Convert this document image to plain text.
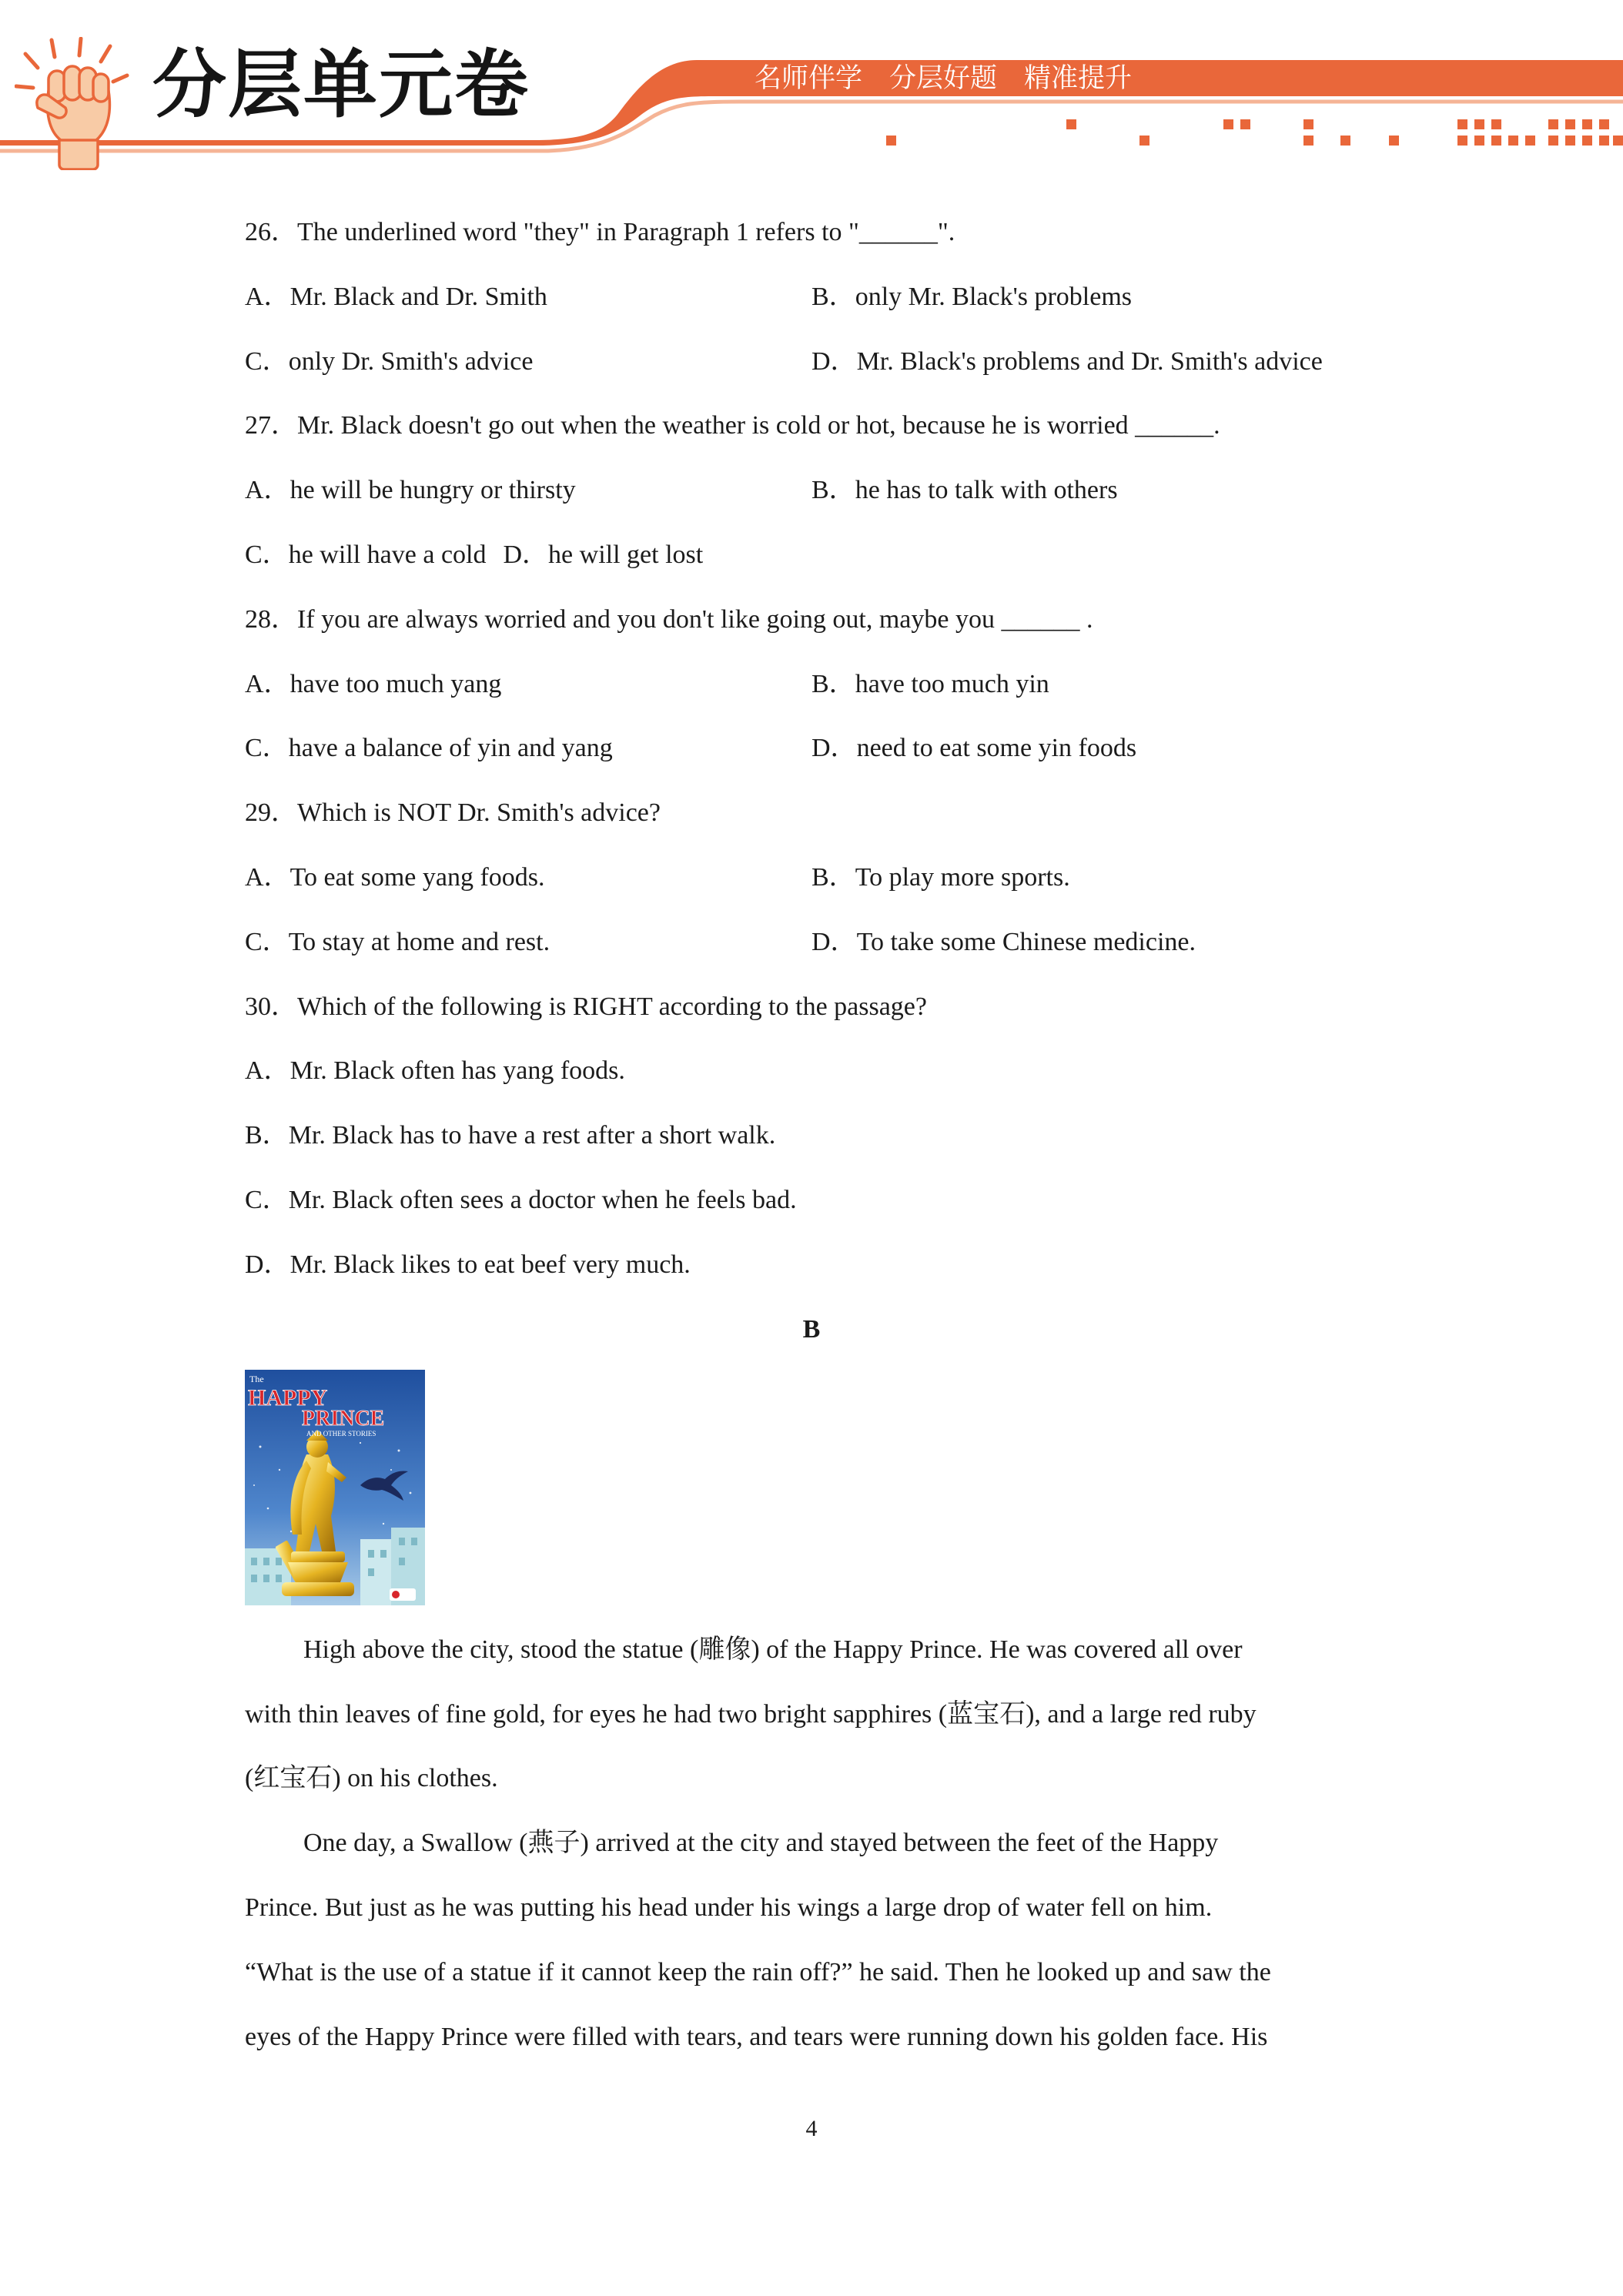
分层单元卷	名师伴学　分层好题　精准提升
26．The underlined word "they" in Paragraph 1 refers to "______".
A．Mr. Black and Dr. Smith	B．only Mr. Black's problems
C．only Dr. Smith's advice	D．Mr. Black's problems and Dr. Smith's advice
27．Mr. Black doesn't go out when the weather is cold or hot, because he is worried ______.
A．he will be hungry or thirsty	B．he has to talk with others
C．he will have a cold D．he will get lost
28．If you are always worried and you don't like going out, maybe you ______ .
A．have too much yang	B．have too much yin
C．have a balance of yin and yang	D．need to eat some yin foods
29．Which is NOT Dr. Smith's advice?
A．To eat some yang foods.	B．To play more sports.
C．To stay at home and rest.	D．To take some Chinese medicine.
30．Which of the following is RIGHT according to the passage?
A．Mr. Black often has yang foods.
B．Mr. Black has to have a rest after a short walk.
C．Mr. Black often sees a doctor when he feels bad.
D．Mr. Black likes to eat beef very much.
B
The
HAPPY
PRINCE
AND OTHER STORIES
High above the city, stood the statue (雕像) of the Happy Prince. He was covered all over
with thin leaves of fine gold, for eyes he had two bright sapphires (蓝宝石), and a large red ruby
(红宝石) on his clothes.
One day, a Swallow (燕子) arrived at the city and stayed between the feet of the Happy
Prince. But just as he was putting his head under his wings a large drop of water fell on him.
“What is the use of a statue if it cannot keep the rain off?” he said. Then he looked up and saw the
eyes of the Happy Prince were filled with tears, and tears were running down his golden face. His
4
